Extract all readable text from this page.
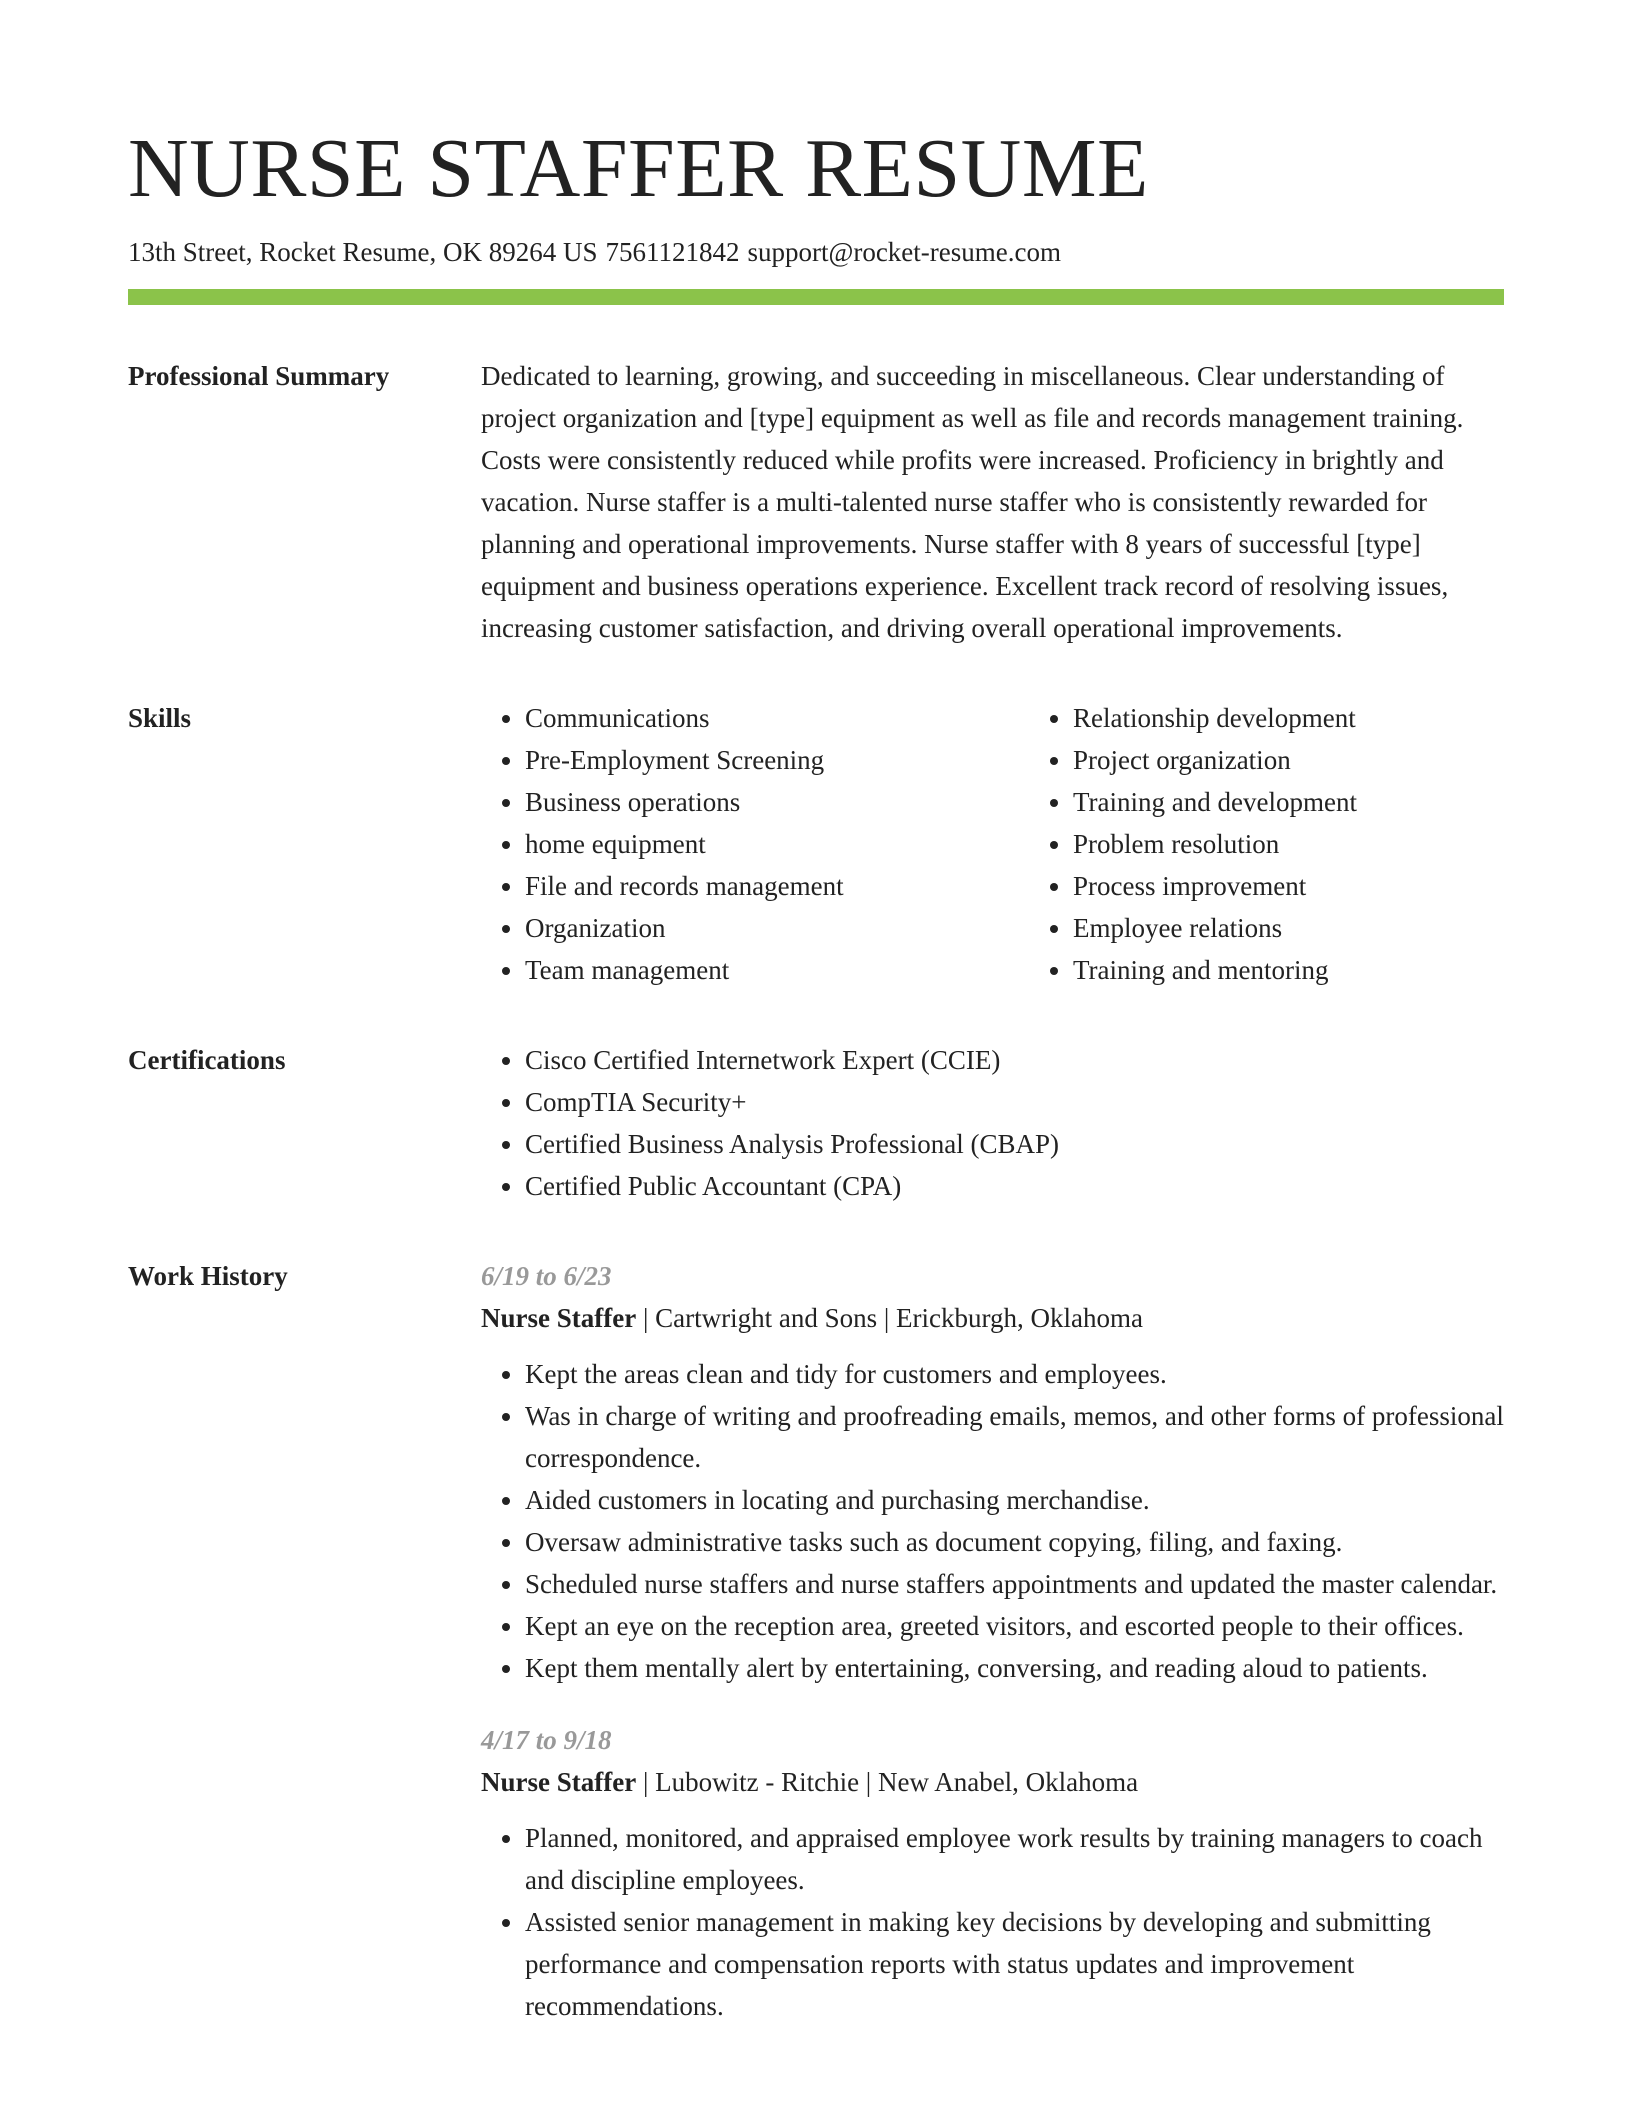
NURSE STAFFER RESUME
13th Street, Rocket Resume, OK 89264 US 7561121842 support@rocket-resume.com
Professional Summary	Dedicated to learning, growing, and succeeding in miscellaneous. Clear understanding of project organization and [type] equipment as well as file and records management training. Costs were consistently reduced while profits were increased. Proficiency in brightly and vacation. Nurse staffer is a multi-talented nurse staffer who is consistently rewarded for planning and operational improvements. Nurse staffer with 8 years of successful [type] equipment and business operations experience. Excellent track record of resolving issues, increasing customer satisfaction, and driving overall operational improvements.

Skills	• Communications
• Pre-Employment Screening
• Business operations
• home equipment
• File and records management
• Organization
• Team management
• Relationship development
• Project organization
• Training and development
• Problem resolution
• Process improvement
• Employee relations
• Training and mentoring
Certifications	• Cisco Certified Internetwork Expert (CCIE)
• CompTIA Security+
• Certified Business Analysis Professional (CBAP)
• Certified Public Accountant (CPA)
Work History	6/19 to 6/23
Nurse Staffer | Cartwright and Sons | Erickburgh, Oklahoma
• Kept the areas clean and tidy for customers and employees.
• Was in charge of writing and proofreading emails, memos, and other forms of professional correspondence.
• Aided customers in locating and purchasing merchandise.
• Oversaw administrative tasks such as document copying, filing, and faxing.
• Scheduled nurse staffers and nurse staffers appointments and updated the master calendar.
• Kept an eye on the reception area, greeted visitors, and escorted people to their offices.
• Kept them mentally alert by entertaining, conversing, and reading aloud to patients.
4/17 to 9/18
Nurse Staffer | Lubowitz - Ritchie | New Anabel, Oklahoma
• Planned, monitored, and appraised employee work results by training managers to coach and discipline employees.
• Assisted senior management in making key decisions by developing and submitting performance and compensation reports with status updates and improvement recommendations.
